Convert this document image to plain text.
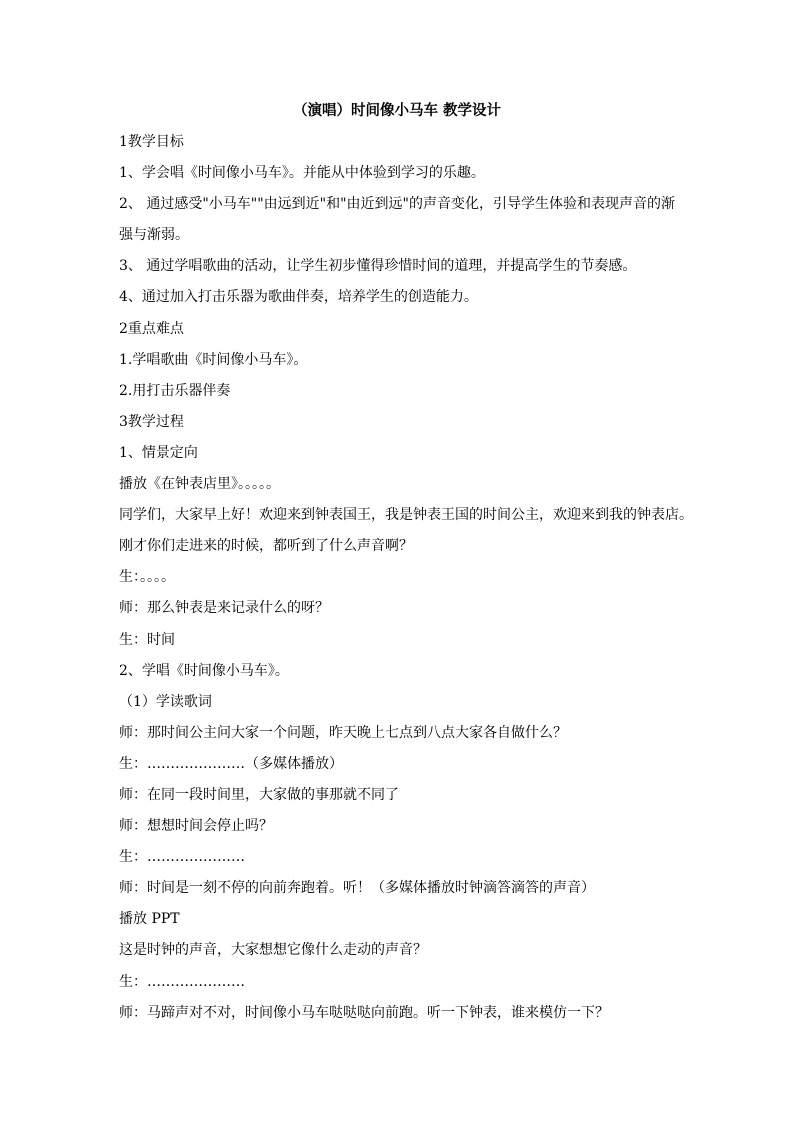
（演唱）时间像小马车 教学设计
1教学目标
1、学会唱《时间像小马车》。并能从中体验到学习的乐趣。
2、 通过感受"小马车""由远到近"和"由近到远"的声音变化，引导学生体验和表现声音的渐
强与渐弱。
3、 通过学唱歌曲的活动，让学生初步懂得珍惜时间的道理，并提高学生的节奏感。
4、通过加入打击乐器为歌曲伴奏，培养学生的创造能力。
2重点难点
1.学唱歌曲《时间像小马车》。
2.用打击乐器伴奏
3教学过程
1、情景定向
播放《在钟表店里》。。。。。
同学们，大家早上好！欢迎来到钟表国王，我是钟表王国的时间公主，欢迎来到我的钟表店。
刚才你们走进来的时候，都听到了什么声音啊？
生：。。。。
师：那么钟表是来记录什么的呀？
生：时间
2、学唱《时间像小马车》。
（1）学读歌词
师：那时间公主问大家一个问题，昨天晚上七点到八点大家各自做什么？
生：…………………（多媒体播放）
师：在同一段时间里，大家做的事那就不同了
师：想想时间会停止吗？
生：…………………
师：时间是一刻不停的向前奔跑着。听！（多媒体播放时钟滴答滴答的声音）
播放 PPT
这是时钟的声音，大家想想它像什么走动的声音？
生：…………………
师：马蹄声对不对，时间像小马车哒哒哒向前跑。听一下钟表，谁来模仿一下？
